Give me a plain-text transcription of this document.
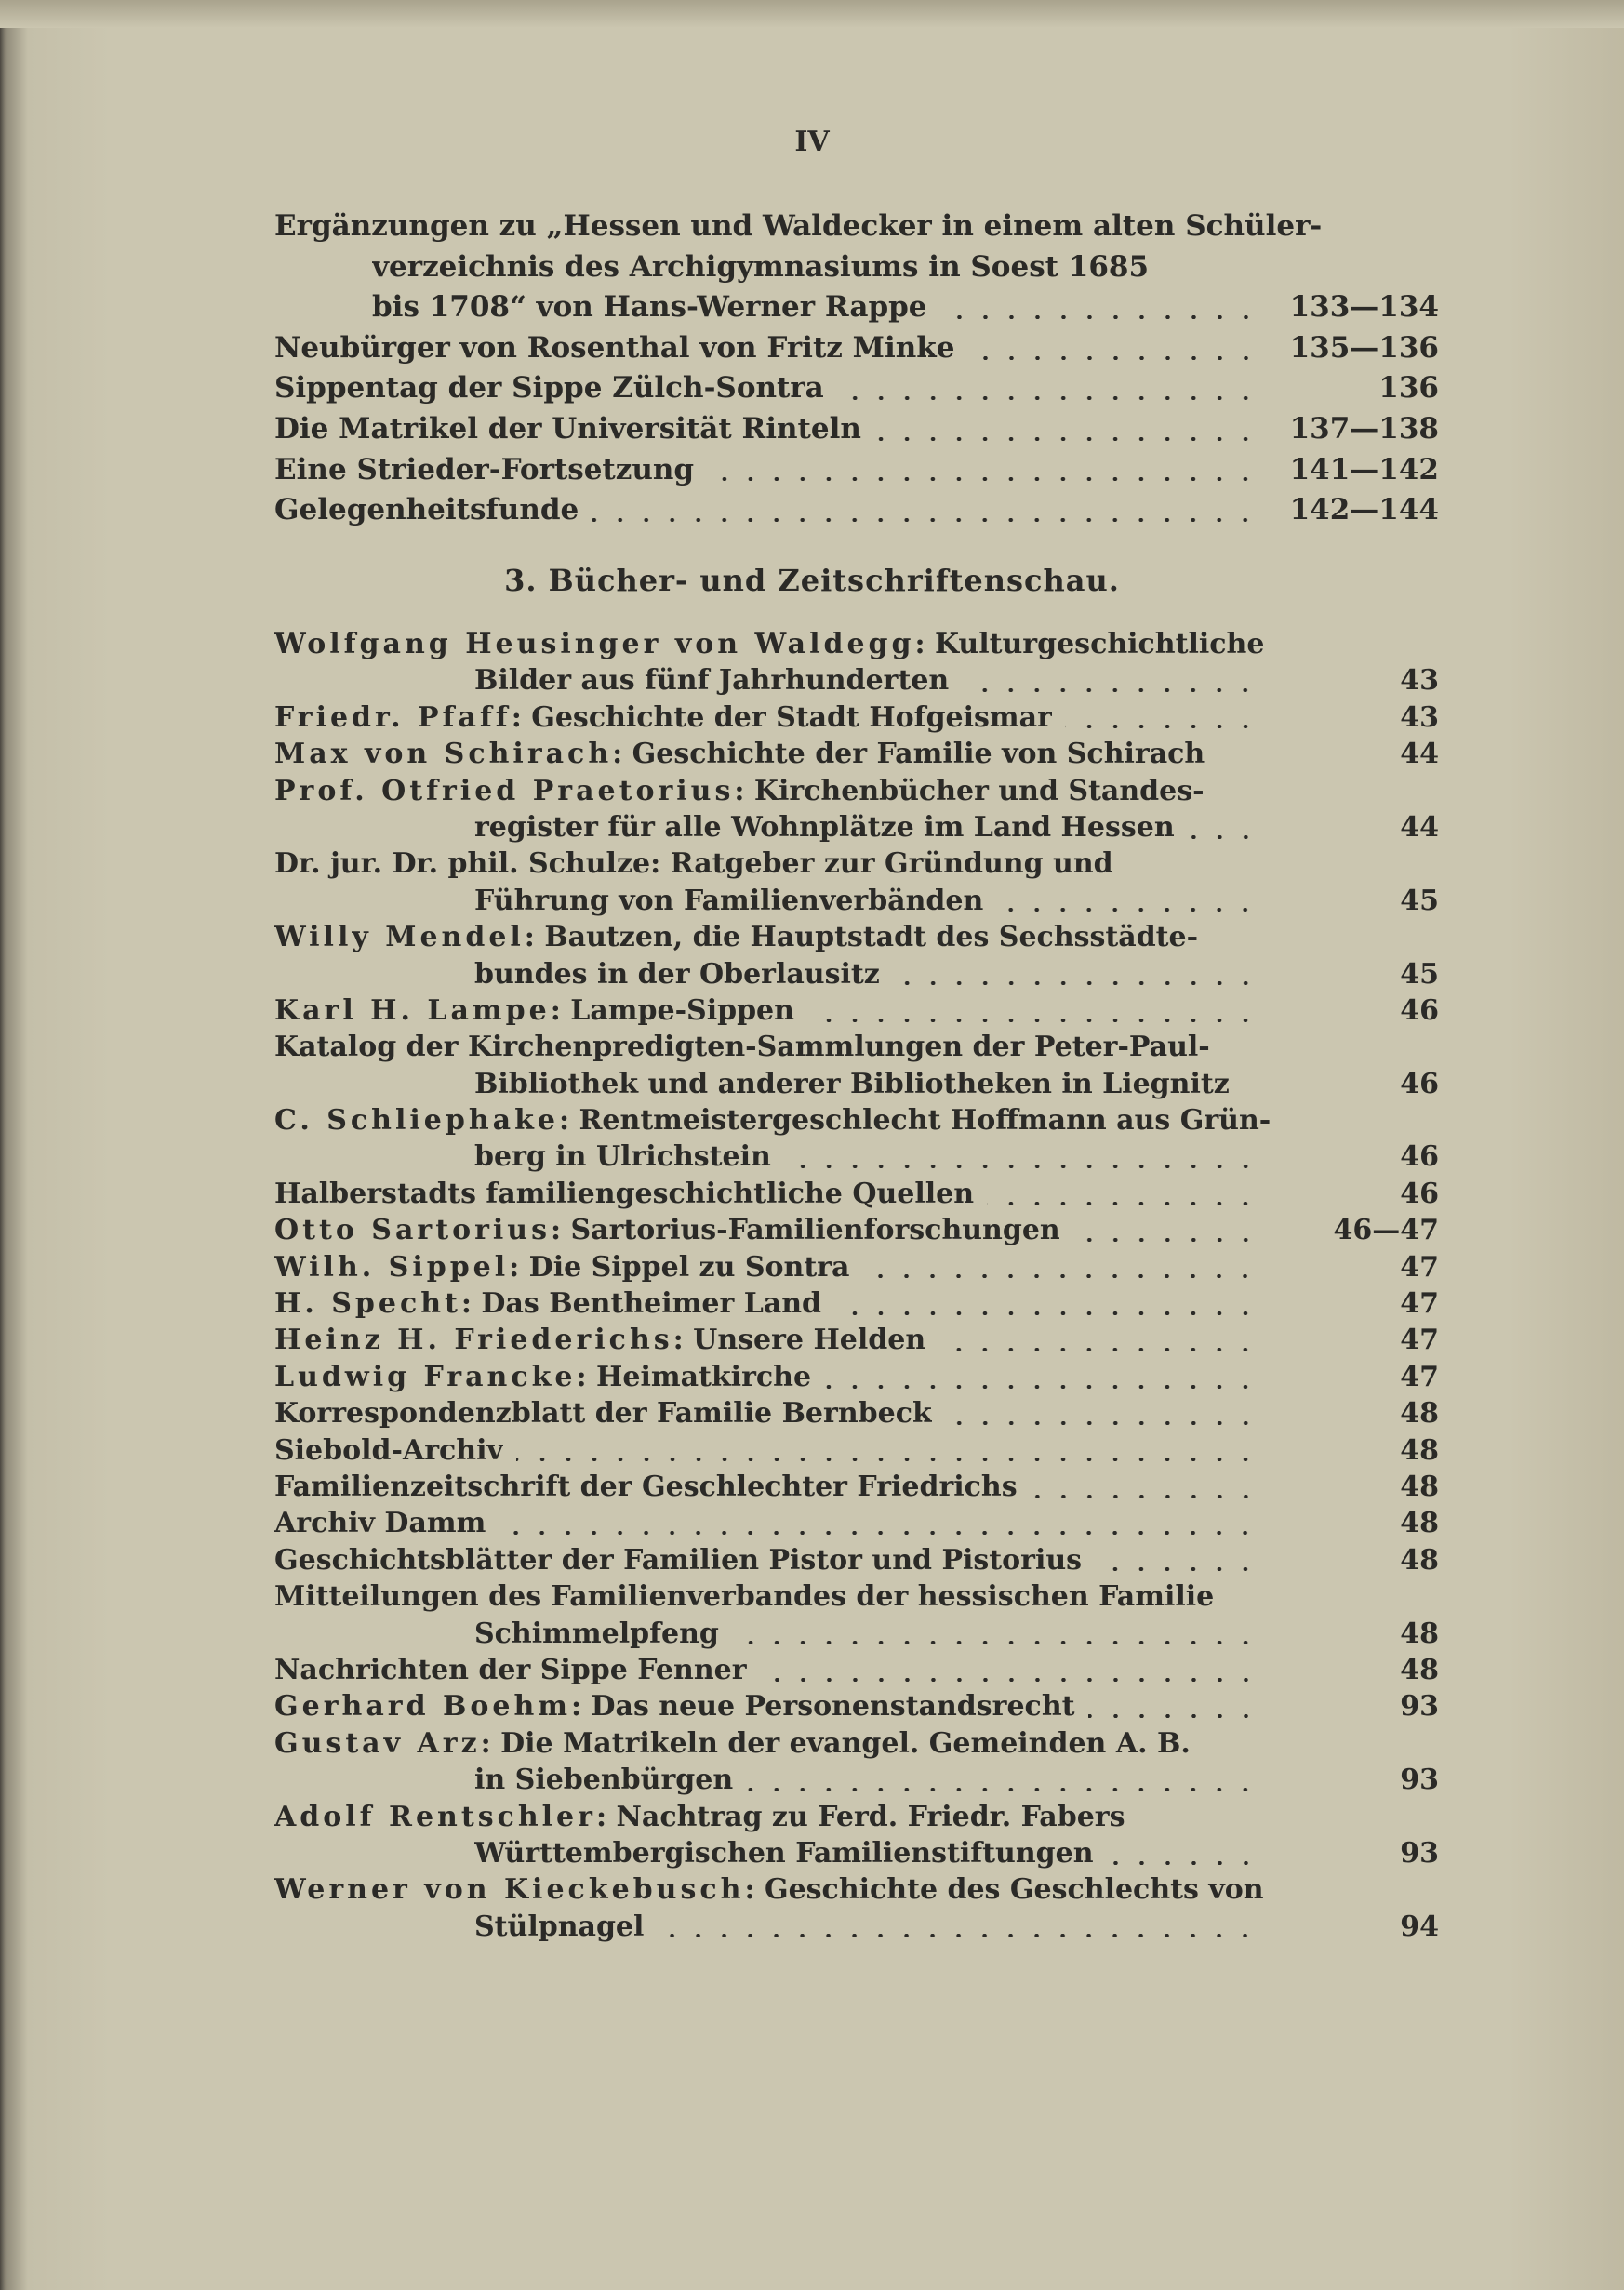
IV
Ergänzungen zu „Hessen und Waldecker in einem alten Schüler-
verzeichnis des Archigymnasiums in Soest 1685
bis 1708“ von Hans-Werner Rappe	133—134
Neubürger von Rosenthal von Fritz Minke	135—136
Sippentag der Sippe Zülch-Sontra	136
Die Matrikel der Universität Rinteln	137—138
Eine Strieder-Fortsetzung	141—142
Gelegenheitsfunde	142—144
3. Bücher- und Zeitschriftenschau.
Wolfgang Heusinger von Waldegg: Kulturgeschichtliche
Bilder aus fünf Jahrhunderten	43
Friedr. Pfaff: Geschichte der Stadt Hofgeismar	43
Max von Schirach: Geschichte der Familie von Schirach	44
Prof. Otfried Praetorius: Kirchenbücher und Standes-
register für alle Wohnplätze im Land Hessen	44
Dr. jur. Dr. phil. Schulze: Ratgeber zur Gründung und
Führung von Familienverbänden	45
Willy Mendel: Bautzen, die Hauptstadt des Sechsstädte-
bundes in der Oberlausitz	45
Karl H. Lampe: Lampe-Sippen	46
Katalog der Kirchenpredigten-Sammlungen der Peter-Paul-
Bibliothek und anderer Bibliotheken in Liegnitz	46
C. Schliephake: Rentmeistergeschlecht Hoffmann aus Grün-
berg in Ulrichstein	46
Halberstadts familiengeschichtliche Quellen	46
Otto Sartorius: Sartorius-Familienforschungen	46—47
Wilh. Sippel: Die Sippel zu Sontra	47
H. Specht: Das Bentheimer Land	47
Heinz H. Friederichs: Unsere Helden	47
Ludwig Francke: Heimatkirche	47
Korrespondenzblatt der Familie Bernbeck	48
Siebold-Archiv	48
Familienzeitschrift der Geschlechter Friedrichs	48
Archiv Damm	48
Geschichtsblätter der Familien Pistor und Pistorius	48
Mitteilungen des Familienverbandes der hessischen Familie
Schimmelpfeng	48
Nachrichten der Sippe Fenner	48
Gerhard Boehm: Das neue Personenstandsrecht	93
Gustav Arz: Die Matrikeln der evangel. Gemeinden A. B.
in Siebenbürgen	93
Adolf Rentschler: Nachtrag zu Ferd. Friedr. Fabers
Württembergischen Familienstiftungen	93
Werner von Kieckebusch: Geschichte des Geschlechts von
Stülpnagel	94
